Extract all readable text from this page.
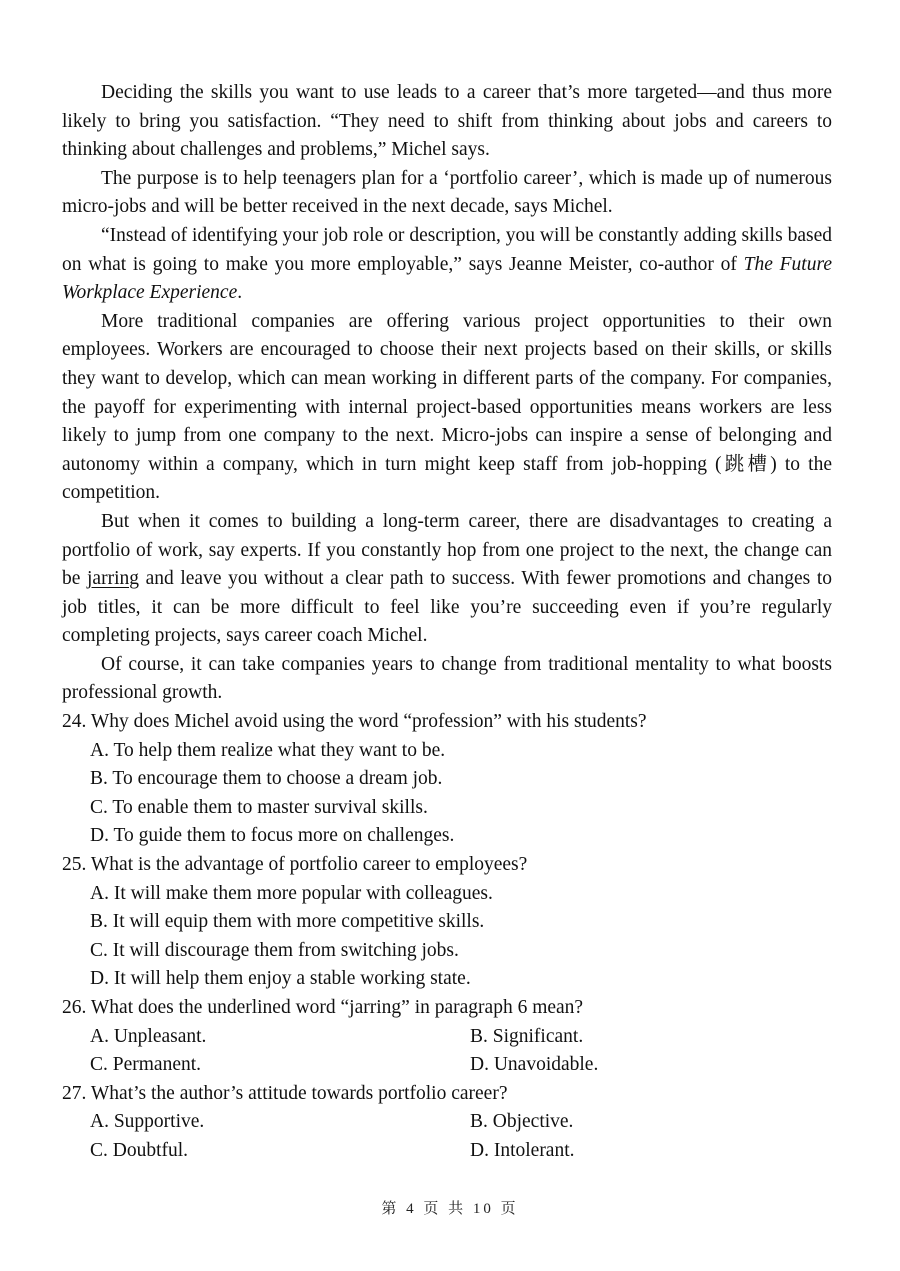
Deciding the skills you want to use leads to a career that’s more targeted—and thus more likely to bring you satisfaction. “They need to shift from thinking about jobs and careers to thinking about challenges and problems,” Michel says.

The purpose is to help teenagers plan for a ‘portfolio career’, which is made up of numerous micro-jobs and will be better received in the next decade, says Michel.

“Instead of identifying your job role or description, you will be constantly adding skills based on what is going to make you more employable,” says Jeanne Meister, co-author of The Future Workplace Experience.

More traditional companies are offering various project opportunities to their own employees. Workers are encouraged to choose their next projects based on their skills, or skills they want to develop, which can mean working in different parts of the company. For companies, the payoff for experimenting with internal project-based opportunities means workers are less likely to jump from one company to the next. Micro-jobs can inspire a sense of belonging and autonomy within a company, which in turn might keep staff from job-hopping (跳槽) to the competition.

But when it comes to building a long-term career, there are disadvantages to creating a portfolio of work, say experts. If you constantly hop from one project to the next, the change can be jarring and leave you without a clear path to success. With fewer promotions and changes to job titles, it can be more difficult to feel like you’re succeeding even if you’re regularly completing projects, says career coach Michel.

Of course, it can take companies years to change from traditional mentality to what boosts professional growth.

24. Why does Michel avoid using the word “profession” with his students?
A. To help them realize what they want to be.
B. To encourage them to choose a dream job.
C. To enable them to master survival skills.
D. To guide them to focus more on challenges.
25. What is the advantage of portfolio career to employees?
A. It will make them more popular with colleagues.
B. It will equip them with more competitive skills.
C. It will discourage them from switching jobs.
D. It will help them enjoy a stable working state.
26. What does the underlined word “jarring” in paragraph 6 mean?
A. Unpleasant.	B. Significant.
C. Permanent.	D. Unavoidable.
27. What’s the author’s attitude towards portfolio career?
A. Supportive.	B. Objective.
C. Doubtful.	D. Intolerant.
第 4 页 共 10 页
